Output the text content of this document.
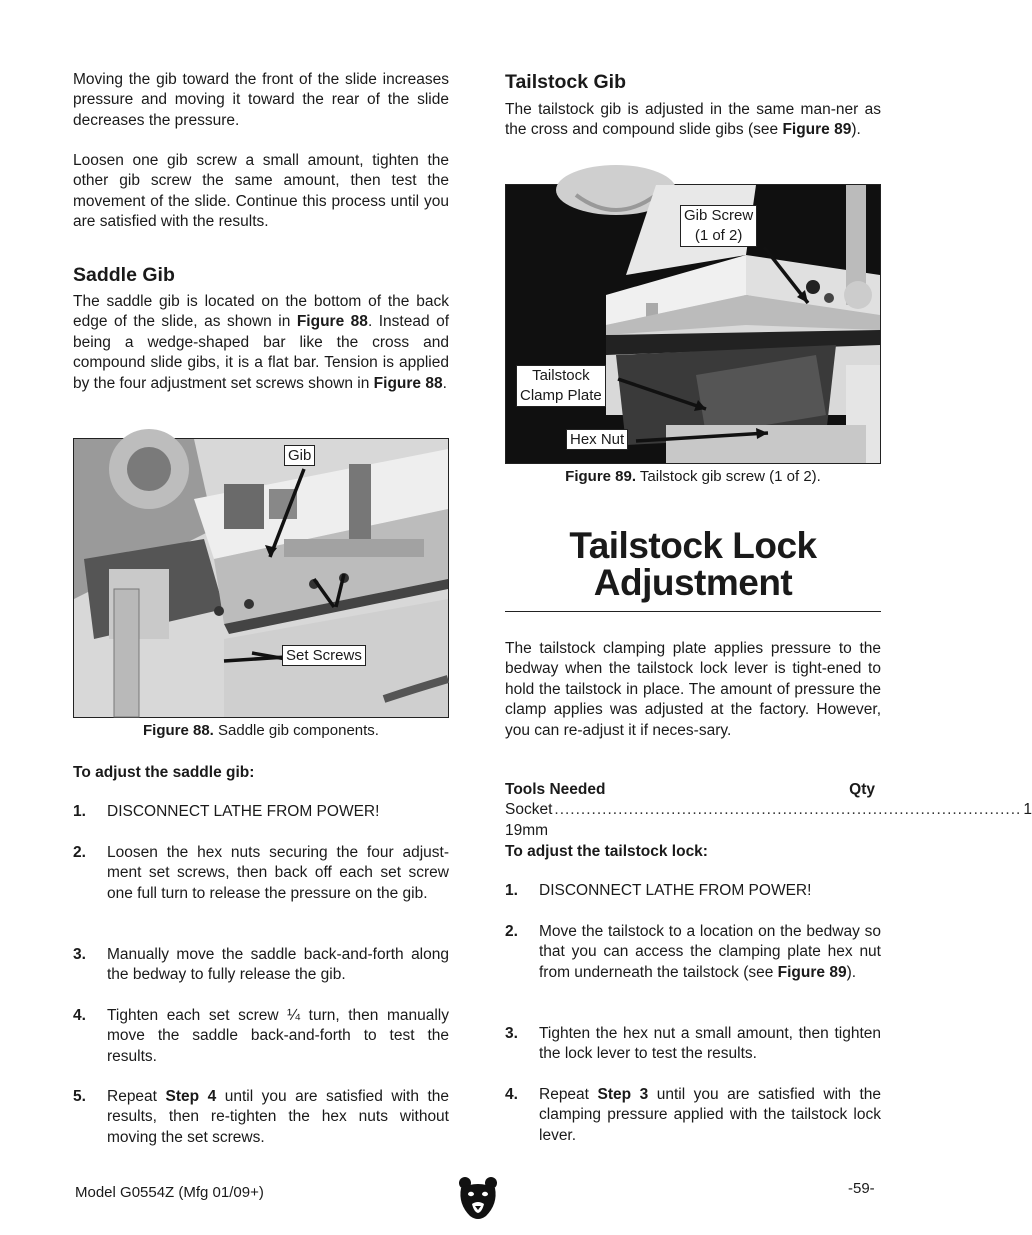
Moving the gib toward the front of the slide increases pressure and moving it toward the rear of the slide decreases the pressure.

Loosen one gib screw a small amount, tighten the other gib screw the same amount, then test the movement of the slide. Continue this process until you are satisfied with the results.

Saddle Gib

The saddle gib is located on the bottom of the back edge of the slide, as shown in Figure 88. Instead of being a wedge-shaped bar like the cross and compound slide gibs, it is a flat bar. Tension is applied by the four adjustment set screws shown in Figure 88.

Gib
Set Screws
Figure 88. Saddle gib components.

To adjust the saddle gib:

1. DISCONNECT LATHE FROM POWER!

2. Loosen the hex nuts securing the four adjust-ment set screws, then back off each set screw one full turn to release the pressure on the gib.

3. Manually move the saddle back-and-forth along the bedway to fully release the gib.

4. Tighten each set screw ¼ turn, then manually move the saddle back-and-forth to test the results.

5. Repeat Step 4 until you are satisfied with the results, then re-tighten the hex nuts without moving the set screws.

Tailstock Gib

The tailstock gib is adjusted in the same man-ner as the cross and compound slide gibs (see Figure 89).

Gib Screw
(1 of 2)
Tailstock
Clamp Plate
Hex Nut
Figure 89. Tailstock gib screw (1 of 2).
Tailstock Lock
Adjustment

The tailstock clamping plate applies pressure to the bedway when the tailstock lock lever is tight-ened to hold the tailstock in place. The amount of pressure the clamp applies was adjusted at the factory. However, you can re-adjust it if neces-sary.

Tools Needed	Qty
Socket 19mm
........................................................................................ 1

To adjust the tailstock lock:

1. DISCONNECT LATHE FROM POWER!

2. Move the tailstock to a location on the bedway so that you can access the clamping plate hex nut from underneath the tailstock (see Figure 89).

3. Tighten the hex nut a small amount, then tighten the lock lever to test the results.

4. Repeat Step 3 until you are satisfied with the clamping pressure applied with the tailstock lock lever.

Model G0554Z (Mfg 01/09+)	-59-
